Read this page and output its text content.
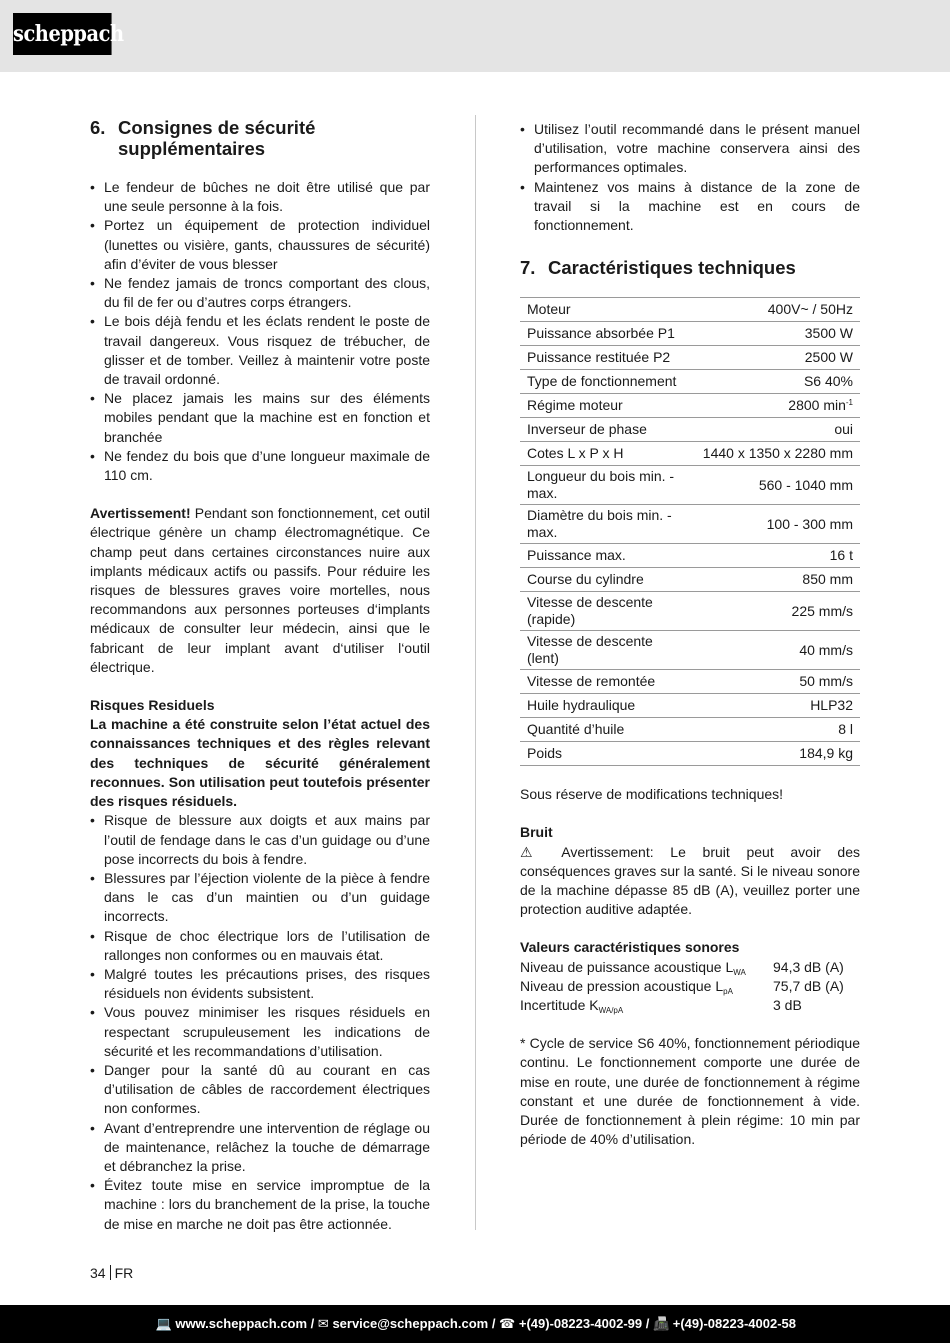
scheppach
6. Consignes de sécurité supplémentaires
• Le fendeur de bûches ne doit être utilisé que par une seule personne à la fois.
• Portez un équipement de protection individuel (lunettes ou visière, gants, chaussures de sécurité) afin d’éviter de vous blesser
• Ne fendez jamais de troncs comportant des clous, du fil de fer ou d’autres corps étrangers.
• Le bois déjà fendu et les éclats rendent le poste de travail dangereux. Vous risquez de trébucher, de glisser et de tomber. Veillez à maintenir votre poste de travail ordonné.
• Ne placez jamais les mains sur des éléments mobiles pendant que la machine est en fonction et branchée
• Ne fendez du bois que d’une longueur maximale de 110 cm.

Avertissement! Pendant son fonctionnement, cet outil électrique génère un champ électromagnétique. Ce champ peut dans certaines circonstances nuire aux implants médicaux actifs ou passifs. Pour réduire les risques de blessures graves voire mortelles, nous recommandons aux personnes porteuses d‘implants médicaux de consulter leur médecin, ainsi que le fabricant de leur implant avant d‘utiliser l‘outil électrique.

Risques Residuels

La machine a été construite selon l’état actuel des connaissances techniques et des règles relevant des techniques de sécurité généralement reconnues. Son utilisation peut toutefois présenter des risques résiduels.

• Risque de blessure aux doigts et aux mains par l’outil de fendage dans le cas d’un guidage ou d’une pose incorrects du bois à fendre.
• Blessures par l’éjection violente de la pièce à fendre dans le cas d’un maintien ou d’un guidage incorrects.
• Risque de choc électrique lors de l’utilisation de rallonges non conformes ou en mauvais état.
• Malgré toutes les précautions prises, des risques résiduels non évidents subsistent.
• Vous pouvez minimiser les risques résiduels en respectant scrupuleusement les indications de sécurité et les recommandations d’utilisation.
• Danger pour la santé dû au courant en cas d’utilisation de câbles de raccordement électriques non conformes.
• Avant d’entreprendre une intervention de réglage ou de maintenance, relâchez la touche de démarrage et débranchez la prise.
• Évitez toute mise en service impromptue de la machine : lors du branchement de la prise, la touche de mise en marche ne doit pas être actionnée.
• Utilisez l’outil recommandé dans le présent manuel d’utilisation, votre machine conservera ainsi des performances optimales.
• Maintenez vos mains à distance de la zone de travail si la machine est en cours de fonctionnement.
7. Caractéristiques techniques
Moteur	400V~ / 50Hz
Puissance absorbée P1	3500 W
Puissance restituée P2	2500 W
Type de fonctionnement	S6 40%
Régime moteur	2800 $\min^{-1}$
Inverseur de phase	oui
Cotes L x P x H	1440 x 1350 x 2280 mm
Longueur du bois min. - max.	560 - 1040 mm
Diamètre du bois min. - max.	100 - 300 mm
Puissance max.	16 t
Course du cylindre	850 mm
Vitesse de descente (rapide)	225 mm/s
Vitesse de descente (lent)	40 mm/s
Vitesse de remontée	50 mm/s
Huile hydraulique	HLP32
Quantité d’huile	8 l
Poids	184,9 kg

Sous réserve de modifications techniques!

Bruit

⚠ Avertissement: Le bruit peut avoir des conséquences graves sur la santé. Si le niveau sonore de la machine dépasse 85 dB (A), veuillez porter une protection auditive adaptée.

Valeurs caractéristiques sonores

Niveau de puissance acoustique $L_{WA}$	94,3 dB (A)
Niveau de pression acoustique $L_{pA}$	75,7 dB (A)
Incertitude $K_{WA/pA}$	3 dB

* Cycle de service S6 40%, fonctionnement périodique continu. Le fonctionnement comporte une durée de mise en route, une durée de fonctionnement à régime constant et une durée de fonctionnement à vide. Durée de fonctionnement à plein régime: 10 min par période de 40% d’utilisation.

34 FR
💻 www.scheppach.com / ✉ service@scheppach.com / ☎ +(49)-08223-4002-99 / 📠 +(49)-08223-4002-58
